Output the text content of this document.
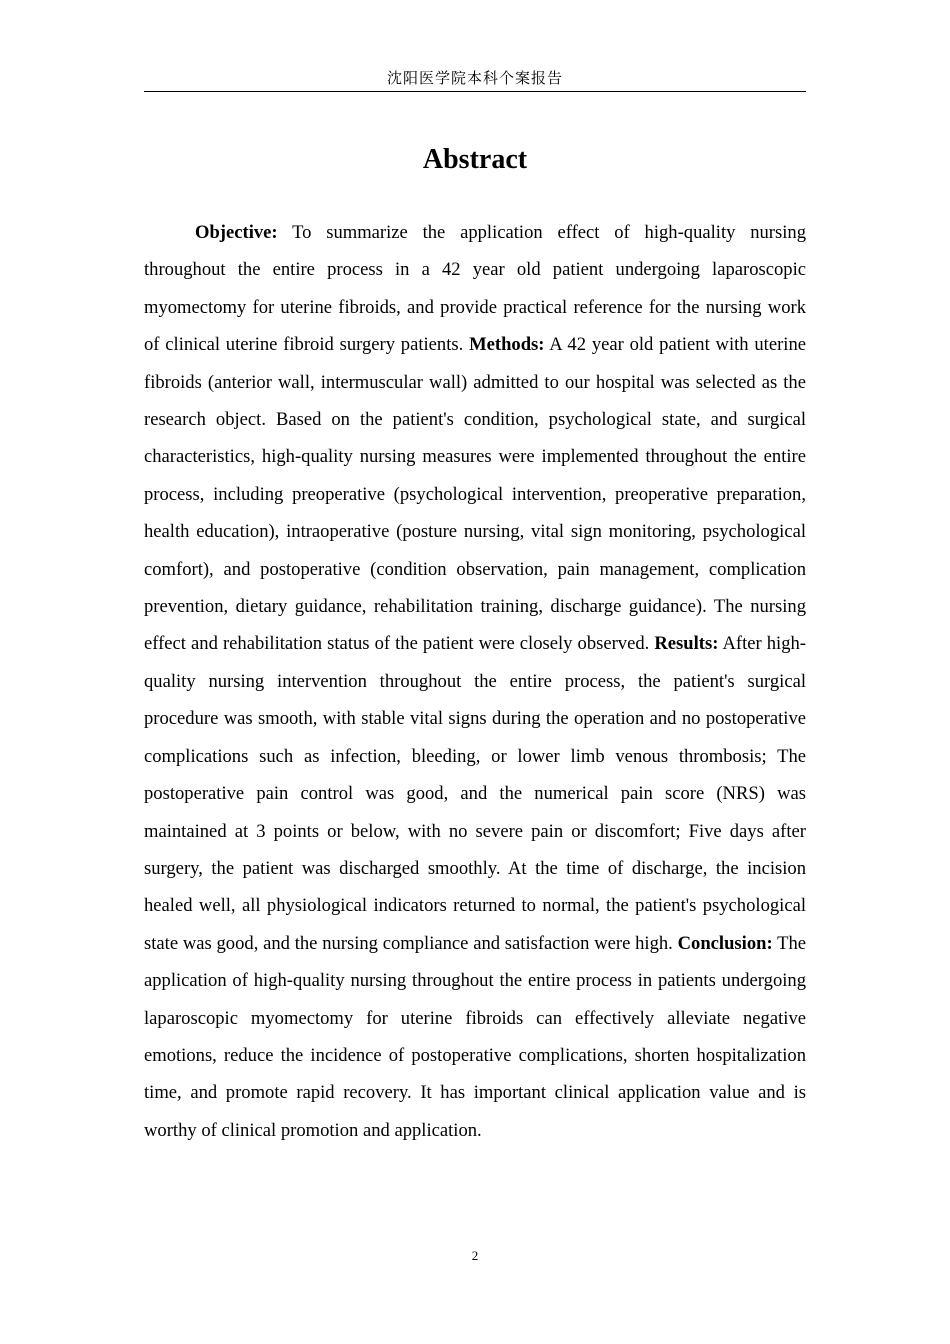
沈阳医学院本科个案报告
Abstract

Objective: To summarize the application effect of high-quality nursing throughout the entire process in a 42 year old patient undergoing laparoscopic myomectomy for uterine fibroids, and provide practical reference for the nursing work of clinical uterine fibroid surgery patients. Methods: A 42 year old patient with uterine fibroids (anterior wall, intermuscular wall) admitted to our hospital was selected as the research object. Based on the patient's condition, psychological state, and surgical characteristics, high-quality nursing measures were implemented throughout the entire process, including preoperative (psychological intervention, preoperative preparation, health education), intraoperative (posture nursing, vital sign monitoring, psychological comfort), and postoperative (condition observation, pain management, complication prevention, dietary guidance, rehabilitation training, discharge guidance). The nursing effect and rehabilitation status of the patient were closely observed. Results: After high-quality nursing intervention throughout the entire process, the patient's surgical procedure was smooth, with stable vital signs during the operation and no postoperative complications such as infection, bleeding, or lower limb venous thrombosis; The postoperative pain control was good, and the numerical pain score (NRS) was maintained at 3 points or below, with no severe pain or discomfort; Five days after surgery, the patient was discharged smoothly. At the time of discharge, the incision healed well, all physiological indicators returned to normal, the patient's psychological state was good, and the nursing compliance and satisfaction were high. Conclusion: The application of high-quality nursing throughout the entire process in patients undergoing laparoscopic myomectomy for uterine fibroids can effectively alleviate negative emotions, reduce the incidence of postoperative complications, shorten hospitalization time, and promote rapid recovery. It has important clinical application value and is worthy of clinical promotion and application.

2
